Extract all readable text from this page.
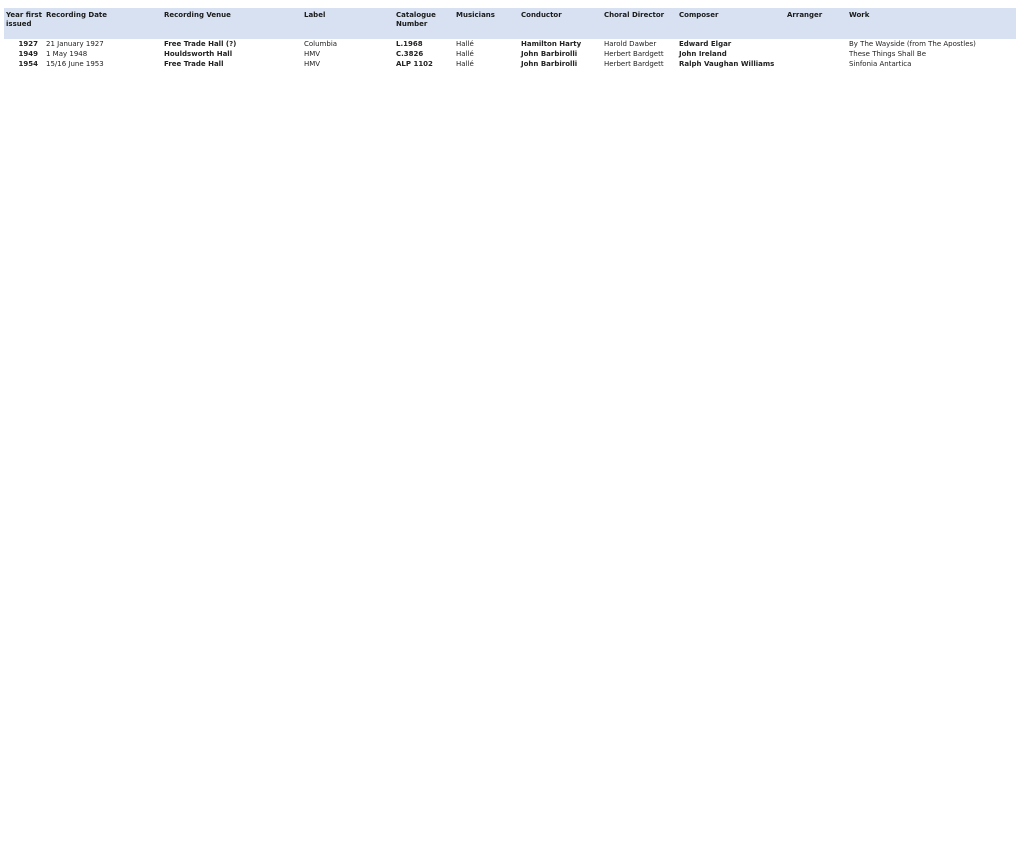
Year first issued	Recording Date	Recording Venue	Label	Catalogue Number	Musicians	Conductor	Choral Director	Composer	Arranger	Work
1927	21 January 1927	Free Trade Hall (?)	Columbia	L.1968	Hallé	Hamilton Harty	Harold Dawber	Edward Elgar		By The Wayside (from The Apostles)
1949	1 May 1948	Houldsworth Hall	HMV	C.3826	Hallé	John Barbirolli	Herbert Bardgett	John Ireland		These Things Shall Be
1954	15/16 June 1953	Free Trade Hall	HMV	ALP 1102	Hallé	John Barbirolli	Herbert Bardgett	Ralph Vaughan Williams		Sinfonia Antartica
